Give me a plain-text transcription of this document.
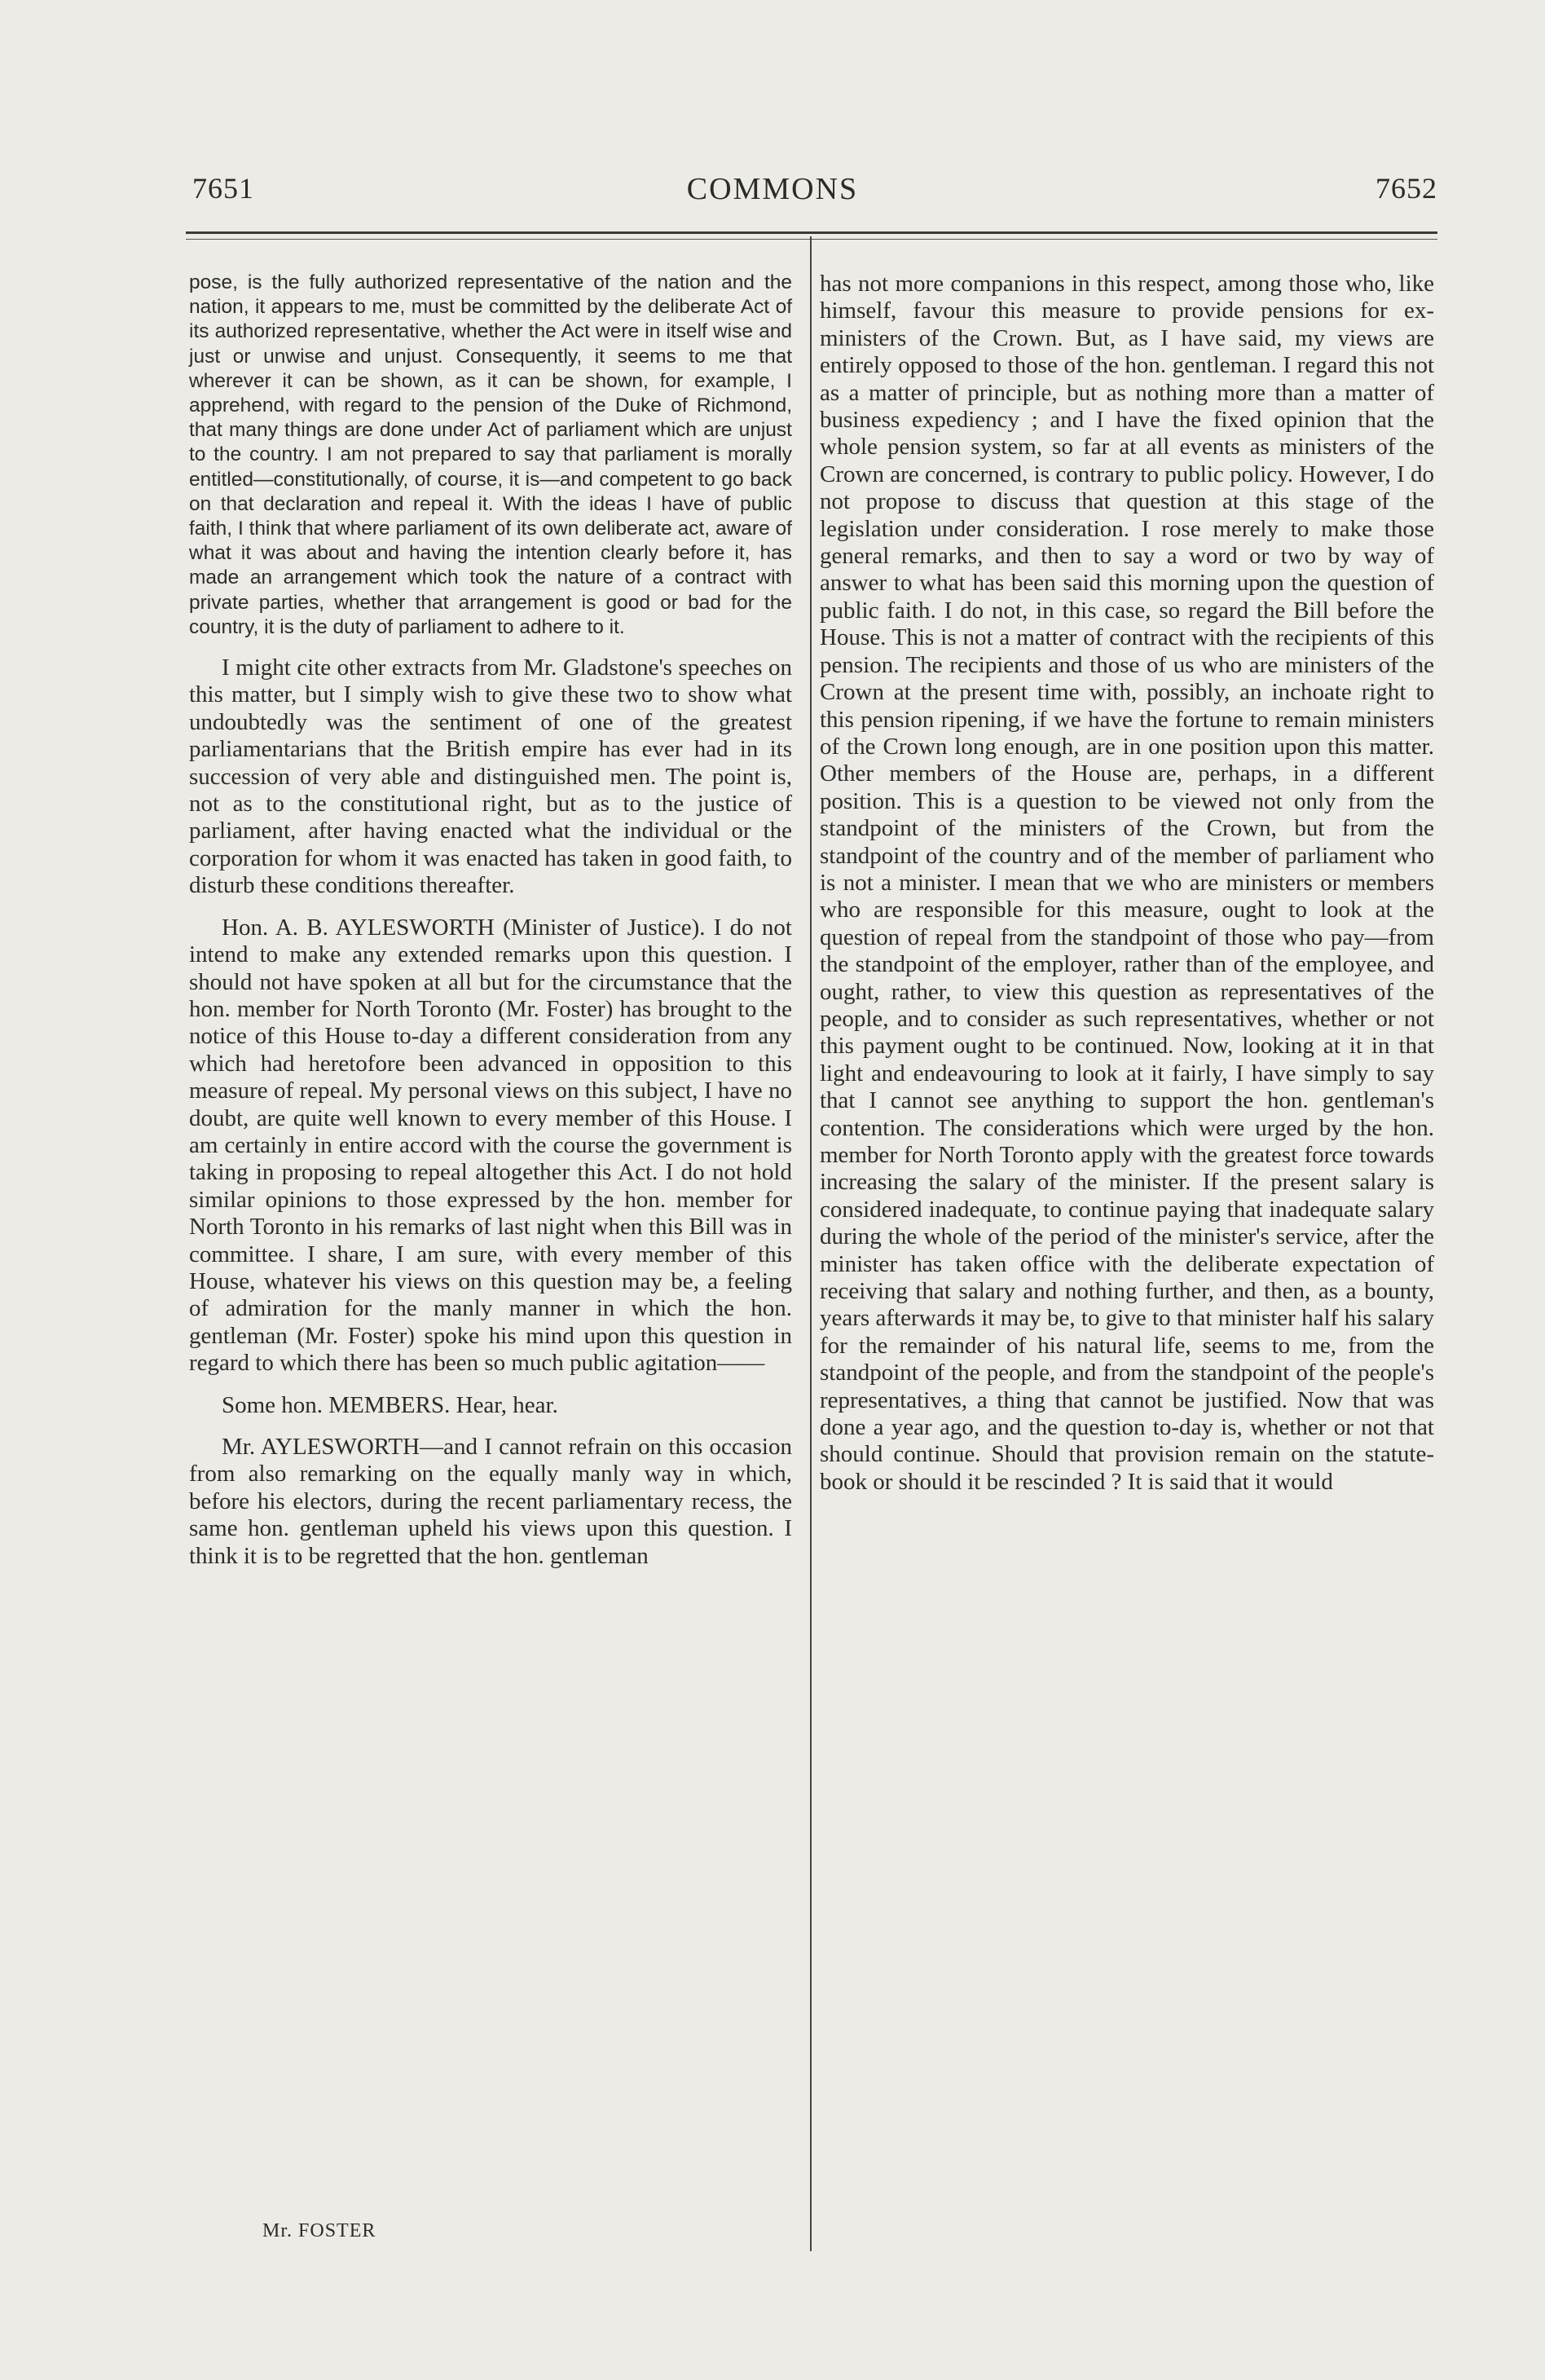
7651	COMMONS	7652

pose, is the fully authorized representative of the nation and the nation, it appears to me, must be committed by the deliberate Act of its authorized representative, whether the Act were in itself wise and just or unwise and unjust. Consequently, it seems to me that wherever it can be shown, as it can be shown, for example, I apprehend, with regard to the pension of the Duke of Richmond, that many things are done under Act of parliament which are unjust to the country. I am not prepared to say that parliament is morally entitled—constitutionally, of course, it is—and competent to go back on that declaration and repeal it. With the ideas I have of public faith, I think that where parliament of its own deliberate act, aware of what it was about and having the intention clearly before it, has made an arrangement which took the nature of a contract with private parties, whether that arrangement is good or bad for the country, it is the duty of parliament to adhere to it.

I might cite other extracts from Mr. Gladstone's speeches on this matter, but I simply wish to give these two to show what undoubtedly was the sentiment of one of the greatest parliamentarians that the British empire has ever had in its succession of very able and distinguished men. The point is, not as to the constitutional right, but as to the justice of parliament, after having enacted what the individual or the corporation for whom it was enacted has taken in good faith, to disturb these conditions thereafter.

Hon. A. B. AYLESWORTH (Minister of Justice). I do not intend to make any extended remarks upon this question. I should not have spoken at all but for the circumstance that the hon. member for North Toronto (Mr. Foster) has brought to the notice of this House to-day a different consideration from any which had heretofore been advanced in opposition to this measure of repeal. My personal views on this subject, I have no doubt, are quite well known to every member of this House. I am certainly in entire accord with the course the government is taking in proposing to repeal altogether this Act. I do not hold similar opinions to those expressed by the hon. member for North Toronto in his remarks of last night when this Bill was in committee. I share, I am sure, with every member of this House, whatever his views on this question may be, a feeling of admiration for the manly manner in which the hon. gentleman (Mr. Foster) spoke his mind upon this question in regard to which there has been so much public agitation——

Some hon. MEMBERS. Hear, hear.

Mr. AYLESWORTH—and I cannot refrain on this occasion from also remarking on the equally manly way in which, before his electors, during the recent parliamentary recess, the same hon. gentleman upheld his views upon this question. I think it is to be regretted that the hon. gentleman

has not more companions in this respect, among those who, like himself, favour this measure to provide pensions for ex-ministers of the Crown. But, as I have said, my views are entirely opposed to those of the hon. gentleman. I regard this not as a matter of principle, but as nothing more than a matter of business expediency ; and I have the fixed opinion that the whole pension system, so far at all events as ministers of the Crown are concerned, is contrary to public policy. However, I do not propose to discuss that question at this stage of the legislation under consideration. I rose merely to make those general remarks, and then to say a word or two by way of answer to what has been said this morning upon the question of public faith. I do not, in this case, so regard the Bill before the House. This is not a matter of contract with the recipients of this pension. The recipients and those of us who are ministers of the Crown at the present time with, possibly, an inchoate right to this pension ripening, if we have the fortune to remain ministers of the Crown long enough, are in one position upon this matter. Other members of the House are, perhaps, in a different position. This is a question to be viewed not only from the standpoint of the ministers of the Crown, but from the standpoint of the country and of the member of parliament who is not a minister. I mean that we who are ministers or members who are responsible for this measure, ought to look at the question of repeal from the standpoint of those who pay—from the standpoint of the employer, rather than of the employee, and ought, rather, to view this question as representatives of the people, and to consider as such representatives, whether or not this payment ought to be continued. Now, looking at it in that light and endeavouring to look at it fairly, I have simply to say that I cannot see anything to support the hon. gentleman's contention. The considerations which were urged by the hon. member for North Toronto apply with the greatest force towards increasing the salary of the minister. If the present salary is considered inadequate, to continue paying that inadequate salary during the whole of the period of the minister's service, after the minister has taken office with the deliberate expectation of receiving that salary and nothing further, and then, as a bounty, years afterwards it may be, to give to that minister half his salary for the remainder of his natural life, seems to me, from the standpoint of the people, and from the standpoint of the people's representatives, a thing that cannot be justified. Now that was done a year ago, and the question to-day is, whether or not that should continue. Should that provision remain on the statute-book or should it be rescinded ? It is said that it would

Mr. FOSTER
